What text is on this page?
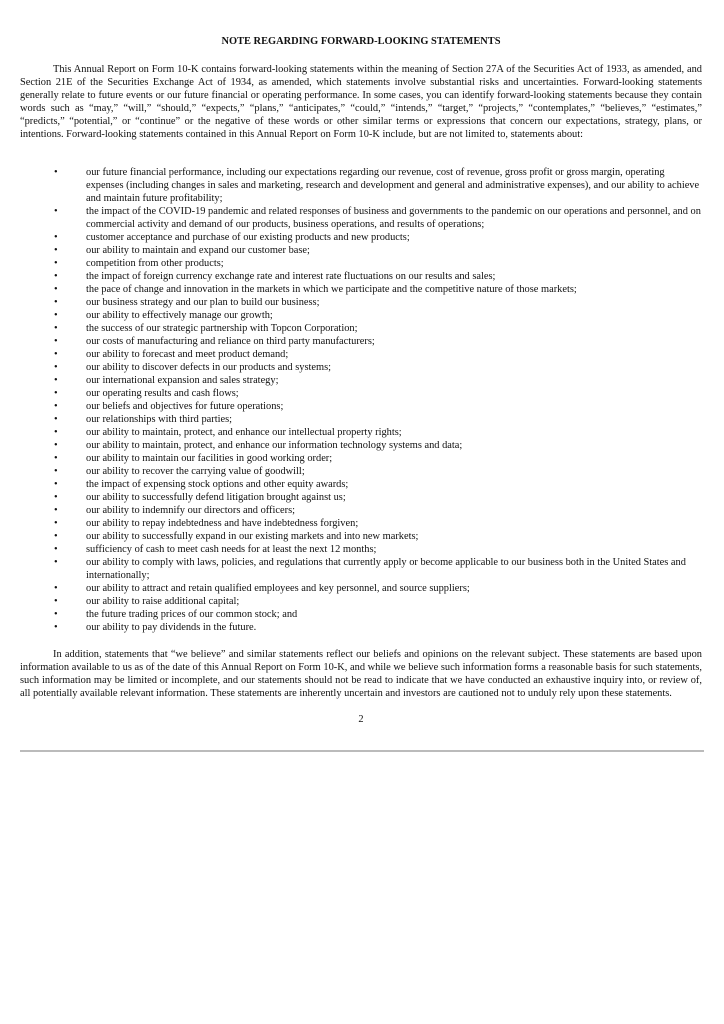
NOTE REGARDING FORWARD-LOOKING STATEMENTS

This Annual Report on Form 10-K contains forward-looking statements within the meaning of Section 27A of the Securities Act of 1933, as amended, and Section 21E of the Securities Exchange Act of 1934, as amended, which statements involve substantial risks and uncertainties. Forward-looking statements generally relate to future events or our future financial or operating performance. In some cases, you can identify forward-looking statements because they contain words such as “may,” “will,” “should,” “expects,” “plans,” “anticipates,” “could,” “intends,” “target,” “projects,” “contemplates,” “believes,” “estimates,” “predicts,” “potential,” or “continue” or the negative of these words or other similar terms or expressions that concern our expectations, strategy, plans, or intentions. Forward-looking statements contained in this Annual Report on Form 10-K include, but are not limited to, statements about:

•	our future financial performance, including our expectations regarding our revenue, cost of revenue, gross profit or gross margin, operating expenses (including changes in sales and marketing, research and development and general and administrative expenses), and our ability to achieve and maintain future profitability;
•	the impact of the COVID-19 pandemic and related responses of business and governments to the pandemic on our operations and personnel, and on commercial activity and demand of our products, business operations, and results of operations;
•	customer acceptance and purchase of our existing products and new products;
•	our ability to maintain and expand our customer base;
•	competition from other products;
•	the impact of foreign currency exchange rate and interest rate fluctuations on our results and sales;
•	the pace of change and innovation in the markets in which we participate and the competitive nature of those markets;
•	our business strategy and our plan to build our business;
•	our ability to effectively manage our growth;
•	the success of our strategic partnership with Topcon Corporation;
•	our costs of manufacturing and reliance on third party manufacturers;
•	our ability to forecast and meet product demand;
•	our ability to discover defects in our products and systems;
•	our international expansion and sales strategy;
•	our operating results and cash flows;
•	our beliefs and objectives for future operations;
•	our relationships with third parties;
•	our ability to maintain, protect, and enhance our intellectual property rights;
•	our ability to maintain, protect, and enhance our information technology systems and data;
•	our ability to maintain our facilities in good working order;
•	our ability to recover the carrying value of goodwill;
•	the impact of expensing stock options and other equity awards;
•	our ability to successfully defend litigation brought against us;
•	our ability to indemnify our directors and officers;
•	our ability to repay indebtedness and have indebtedness forgiven;
•	our ability to successfully expand in our existing markets and into new markets;
•	sufficiency of cash to meet cash needs for at least the next 12 months;
•	our ability to comply with laws, policies, and regulations that currently apply or become applicable to our business both in the United States and internationally;
•	our ability to attract and retain qualified employees and key personnel, and source suppliers;
•	our ability to raise additional capital;
•	the future trading prices of our common stock; and
•	our ability to pay dividends in the future.

In addition, statements that “we believe” and similar statements reflect our beliefs and opinions on the relevant subject. These statements are based upon information available to us as of the date of this Annual Report on Form 10-K, and while we believe such information forms a reasonable basis for such statements, such information may be limited or incomplete, and our statements should not be read to indicate that we have conducted an exhaustive inquiry into, or review of, all potentially available relevant information. These statements are inherently uncertain and investors are cautioned not to unduly rely upon these statements.

2
